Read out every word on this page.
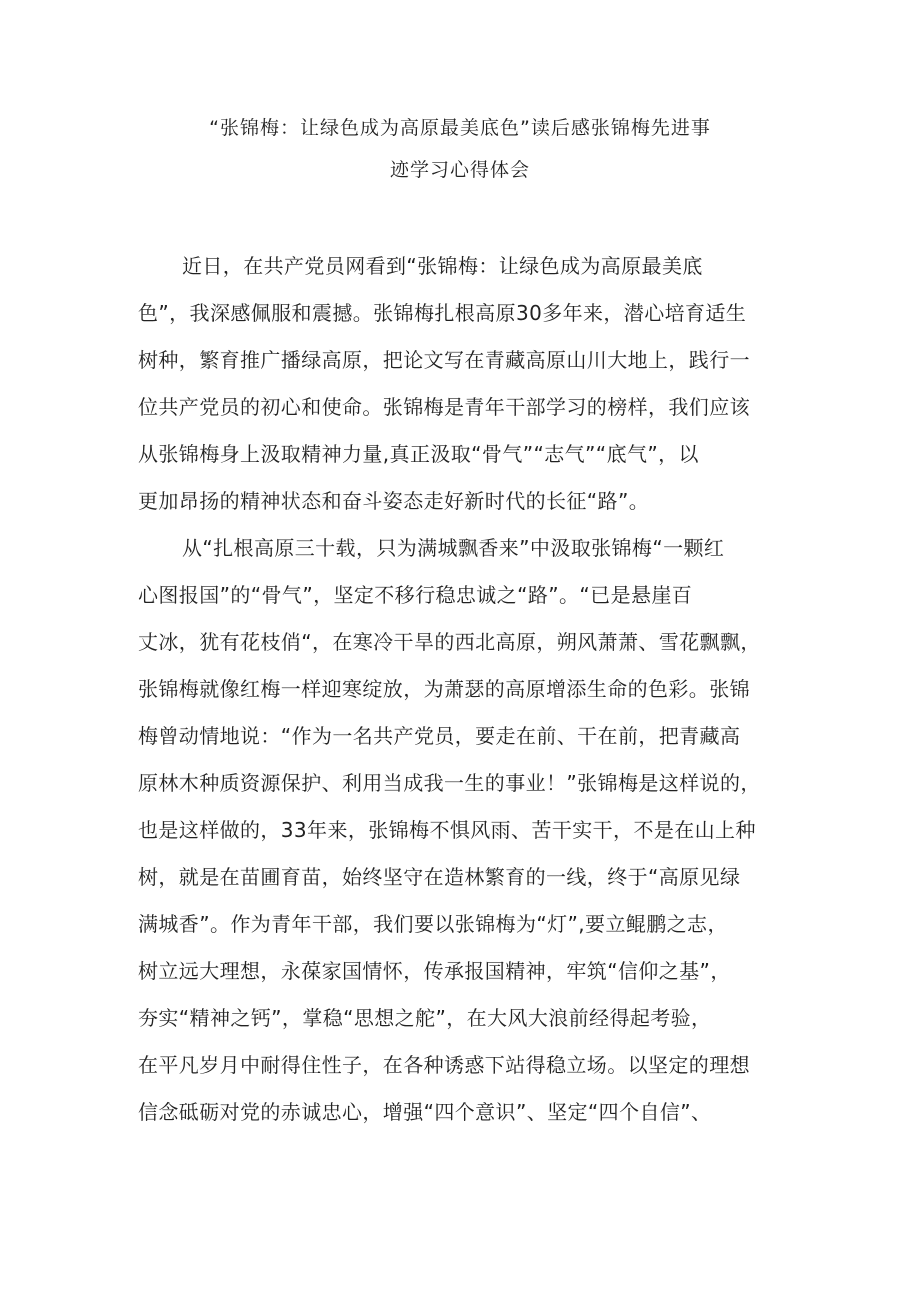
“张锦梅：让绿色成为高原最美底色”读后感张锦梅先进事
迹学习心得体会
近日，在共产党员网看到“张锦梅：让绿色成为高原最美底
色”，我深感佩服和震撼。张锦梅扎根高原30多年来，潜心培育适生
树种，繁育推广播绿高原，把论文写在青藏高原山川大地上，践行一
位共产党员的初心和使命。张锦梅是青年干部学习的榜样，我们应该
从张锦梅身上汲取精神力量,真正汲取“骨气”“志气”“底气”，以
更加昂扬的精神状态和奋斗姿态走好新时代的长征“路”。
从“扎根高原三十载，只为满城飘香来”中汲取张锦梅“一颗红
心图报国”的“骨气”，坚定不移行稳忠诚之“路”。“已是悬崖百
丈冰，犹有花枝俏“，在寒冷干旱的西北高原，朔风萧萧、雪花飘飘，
张锦梅就像红梅一样迎寒绽放，为萧瑟的高原增添生命的色彩。张锦
梅曾动情地说：“作为一名共产党员，要走在前、干在前，把青藏高
原林木种质资源保护、利用当成我一生的事业！”张锦梅是这样说的，
也是这样做的，33年来，张锦梅不惧风雨、苦干实干，不是在山上种
树，就是在苗圃育苗，始终坚守在造林繁育的一线，终于“高原见绿
满城香”。作为青年干部，我们要以张锦梅为“灯”,要立鲲鹏之志，
树立远大理想，永葆家国情怀，传承报国精神，牢筑“信仰之基”，
夯实“精神之钙”，掌稳“思想之舵”，在大风大浪前经得起考验，
在平凡岁月中耐得住性子，在各种诱惑下站得稳立场。以坚定的理想
信念砥砺对党的赤诚忠心，增强“四个意识”、坚定“四个自信”、
